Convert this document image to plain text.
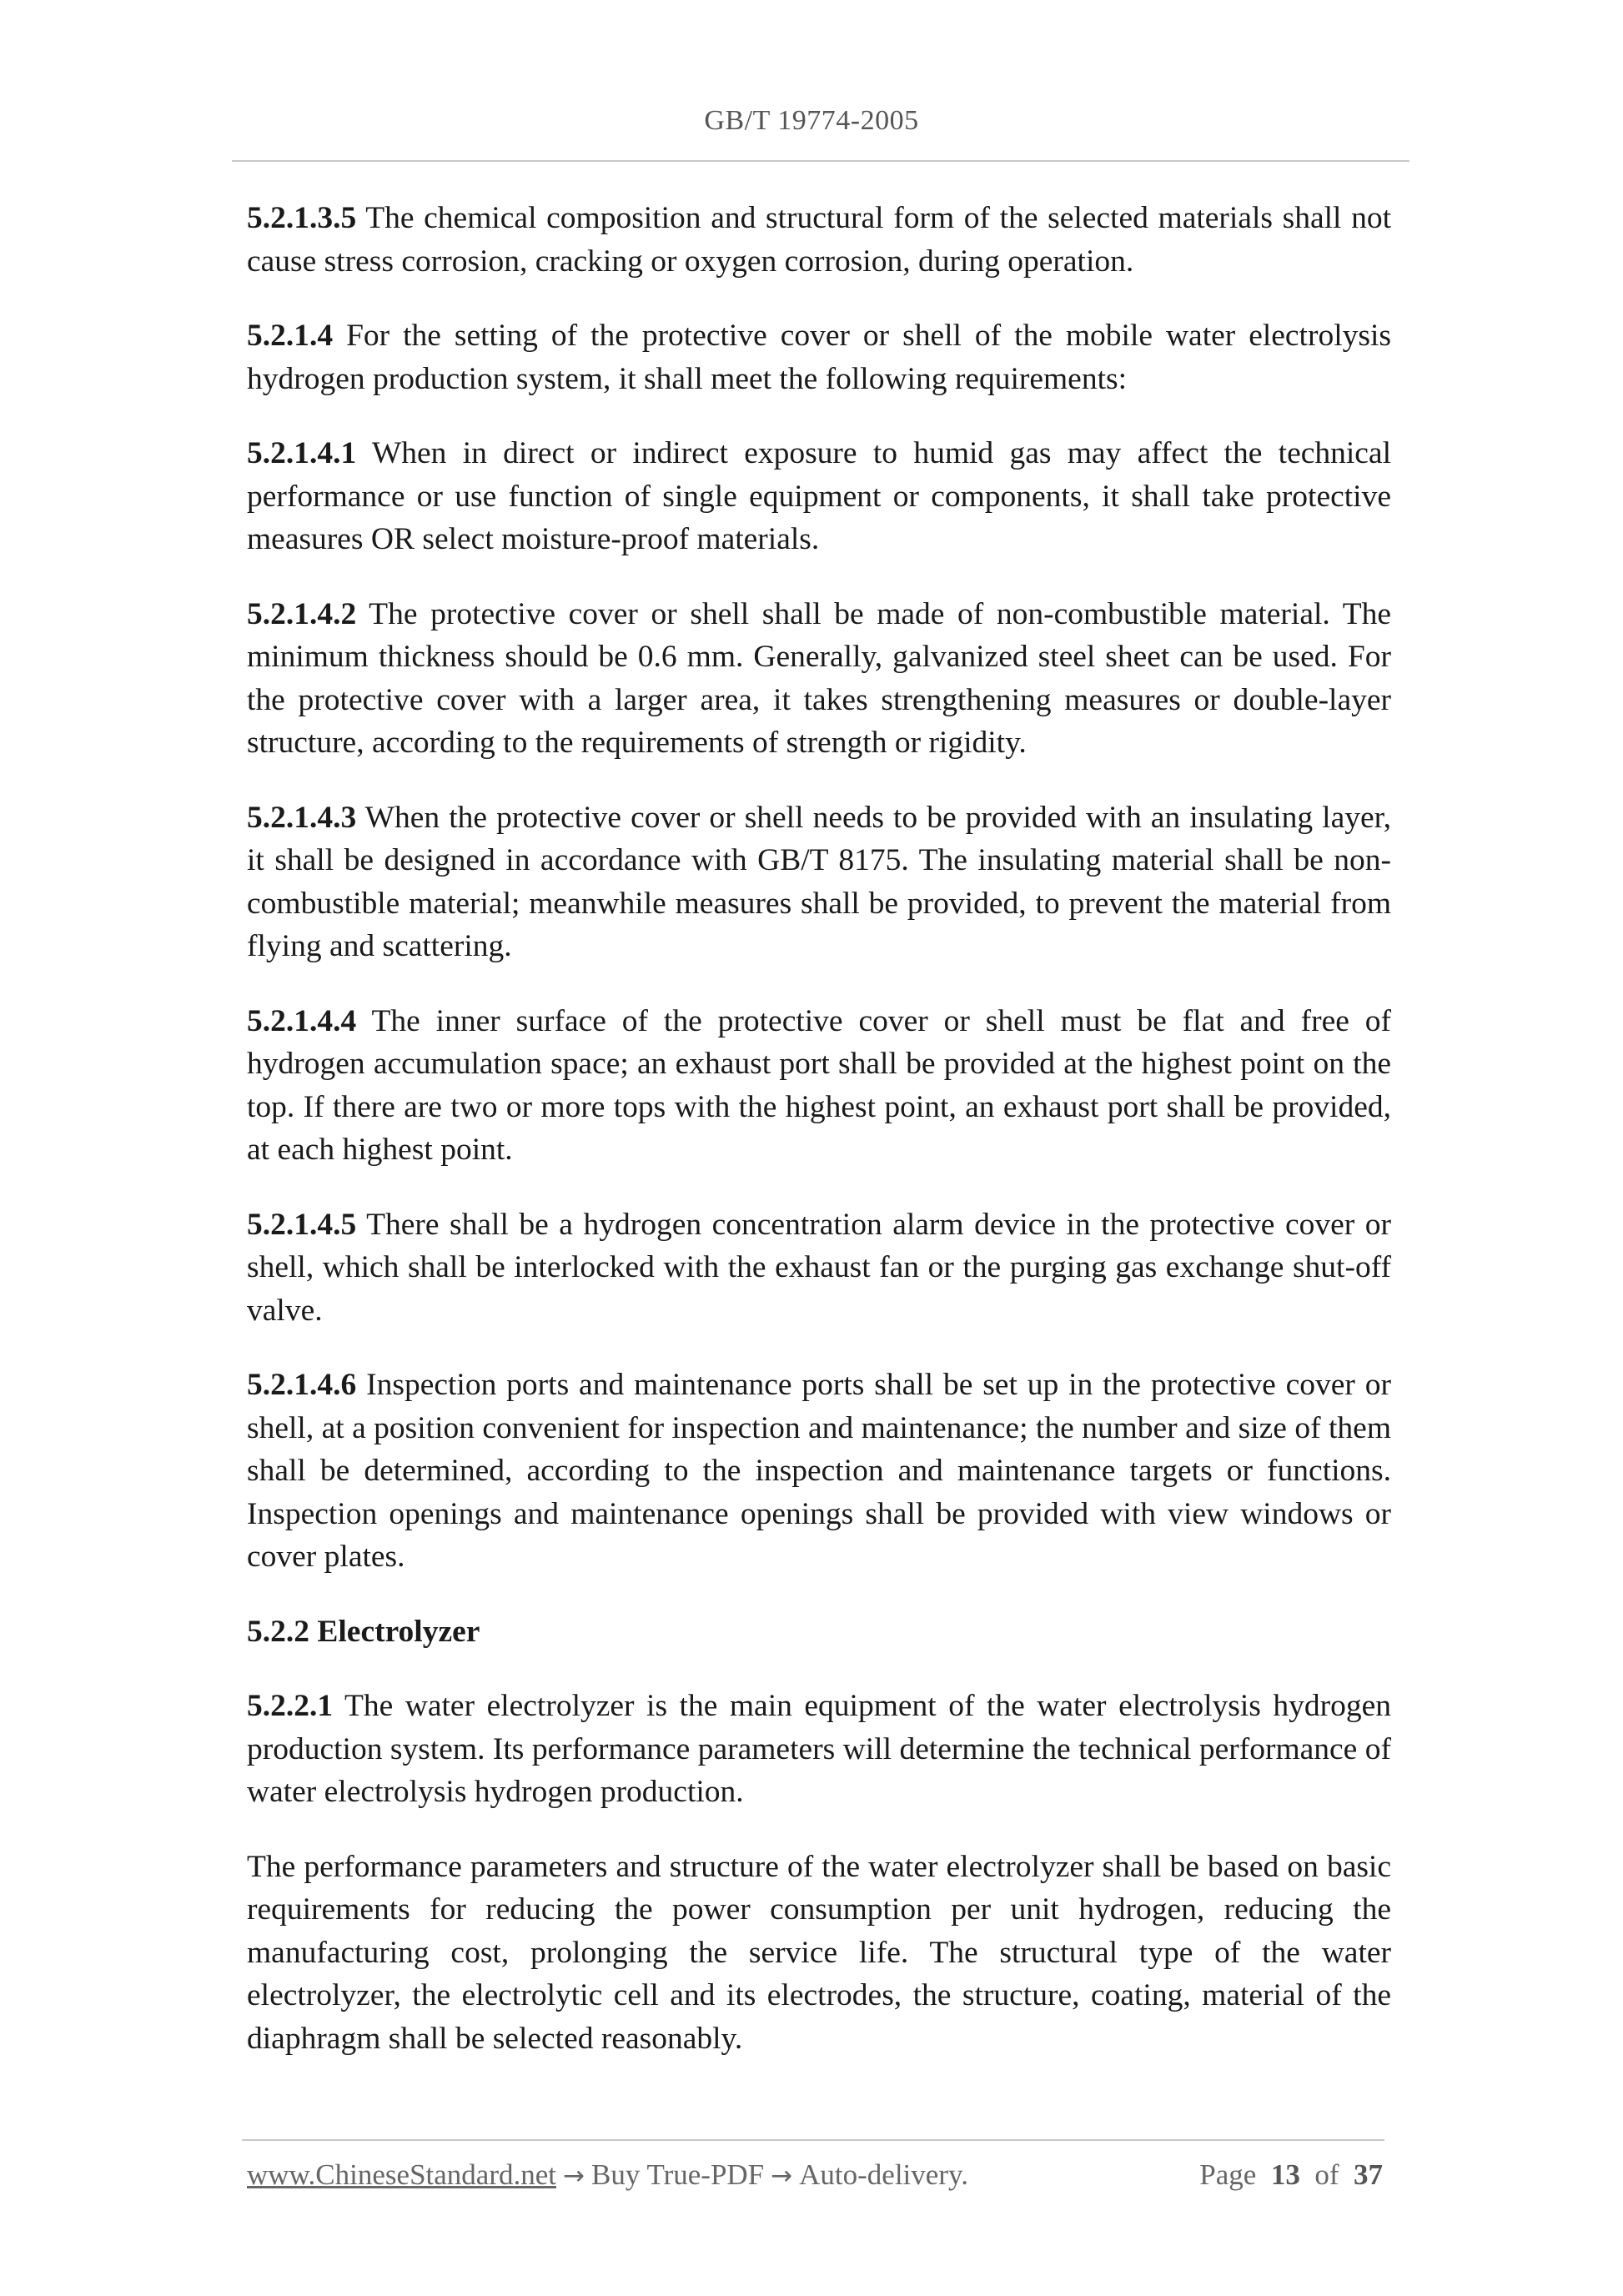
GB/T 19774-2005

5.2.1.3.5 The chemical composition and structural form of the selected materials shall not cause stress corrosion, cracking or oxygen corrosion, during operation.

5.2.1.4 For the setting of the protective cover or shell of the mobile water electrolysis hydrogen production system, it shall meet the following requirements:

5.2.1.4.1 When in direct or indirect exposure to humid gas may affect the technical performance or use function of single equipment or components, it shall take protective measures OR select moisture-proof materials.

5.2.1.4.2 The protective cover or shell shall be made of non-combustible material. The minimum thickness should be 0.6 mm. Generally, galvanized steel sheet can be used. For the protective cover with a larger area, it takes strengthening measures or double-layer structure, according to the requirements of strength or rigidity.

5.2.1.4.3 When the protective cover or shell needs to be provided with an insulating layer, it shall be designed in accordance with GB/T 8175. The insulating material shall be non-combustible material; meanwhile measures shall be provided, to prevent the material from flying and scattering.

5.2.1.4.4 The inner surface of the protective cover or shell must be flat and free of hydrogen accumulation space; an exhaust port shall be provided at the highest point on the top. If there are two or more tops with the highest point, an exhaust port shall be provided, at each highest point.

5.2.1.4.5 There shall be a hydrogen concentration alarm device in the protective cover or shell, which shall be interlocked with the exhaust fan or the purging gas exchange shut-off valve.

5.2.1.4.6 Inspection ports and maintenance ports shall be set up in the protective cover or shell, at a position convenient for inspection and maintenance; the number and size of them shall be determined, according to the inspection and maintenance targets or functions. Inspection openings and maintenance openings shall be provided with view windows or cover plates.

5.2.2 Electrolyzer

5.2.2.1 The water electrolyzer is the main equipment of the water electrolysis hydrogen production system. Its performance parameters will determine the technical performance of water electrolysis hydrogen production.

The performance parameters and structure of the water electrolyzer shall be based on basic requirements for reducing the power consumption per unit hydrogen, reducing the manufacturing cost, prolonging the service life. The structural type of the water electrolyzer, the electrolytic cell and its electrodes, the structure, coating, material of the diaphragm shall be selected reasonably.

www.ChineseStandard.net → Buy True-PDF → Auto-delivery.	Page 13 of 37
